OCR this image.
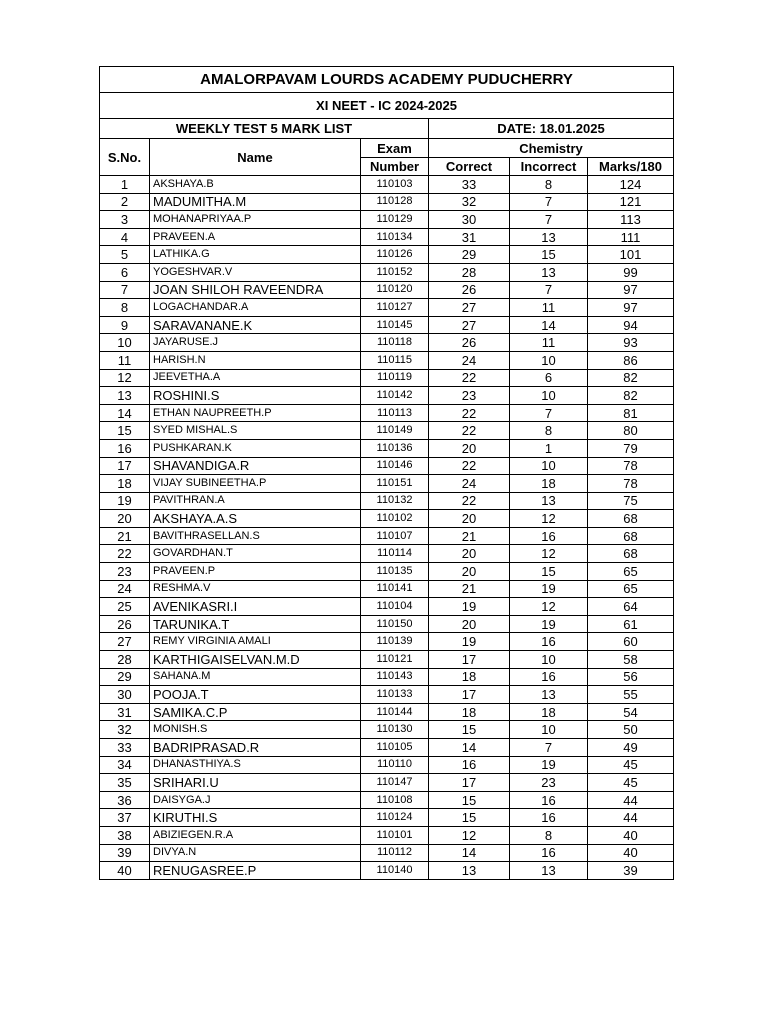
AMALORPAVAM LOURDS ACADEMY PUDUCHERRY					
XI NEET - IC 2024-2025					
WEEKLY TEST 5 MARK LIST			DATE: 18.01.2025		
S.No.	Name	Exam	Chemistry		
		Number	Correct	Incorrect	Marks/180
1	AKSHAYA.B	110103	33	8	124
2	MADUMITHA.M	110128	32	7	121
3	MOHANAPRIYAA.P	110129	30	7	113
4	PRAVEEN.A	110134	31	13	111
5	LATHIKA.G	110126	29	15	101
6	YOGESHVAR.V	110152	28	13	99
7	JOAN SHILOH RAVEENDRA	110120	26	7	97
8	LOGACHANDAR.A	110127	27	11	97
9	SARAVANANE.K	110145	27	14	94
10	JAYARUSE.J	110118	26	11	93
11	HARISH.N	110115	24	10	86
12	JEEVETHA.A	110119	22	6	82
13	ROSHINI.S	110142	23	10	82
14	ETHAN NAUPREETH.P	110113	22	7	81
15	SYED MISHAL.S	110149	22	8	80
16	PUSHKARAN.K	110136	20	1	79
17	SHAVANDIGA.R	110146	22	10	78
18	VIJAY SUBINEETHA.P	110151	24	18	78
19	PAVITHRAN.A	110132	22	13	75
20	AKSHAYA.A.S	110102	20	12	68
21	BAVITHRASELLAN.S	110107	21	16	68
22	GOVARDHAN.T	110114	20	12	68
23	PRAVEEN.P	110135	20	15	65
24	RESHMA.V	110141	21	19	65
25	AVENIKASRI.I	110104	19	12	64
26	TARUNIKA.T	110150	20	19	61
27	REMY VIRGINIA AMALI	110139	19	16	60
28	KARTHIGAISELVAN.M.D	110121	17	10	58
29	SAHANA.M	110143	18	16	56
30	POOJA.T	110133	17	13	55
31	SAMIKA.C.P	110144	18	18	54
32	MONISH.S	110130	15	10	50
33	BADRIPRASAD.R	110105	14	7	49
34	DHANASTHIYA.S	110110	16	19	45
35	SRIHARI.U	110147	17	23	45
36	DAISYGA.J	110108	15	16	44
37	KIRUTHI.S	110124	15	16	44
38	ABIZIEGEN.R.A	110101	12	8	40
39	DIVYA.N	110112	14	16	40
40	RENUGASREE.P	110140	13	13	39
